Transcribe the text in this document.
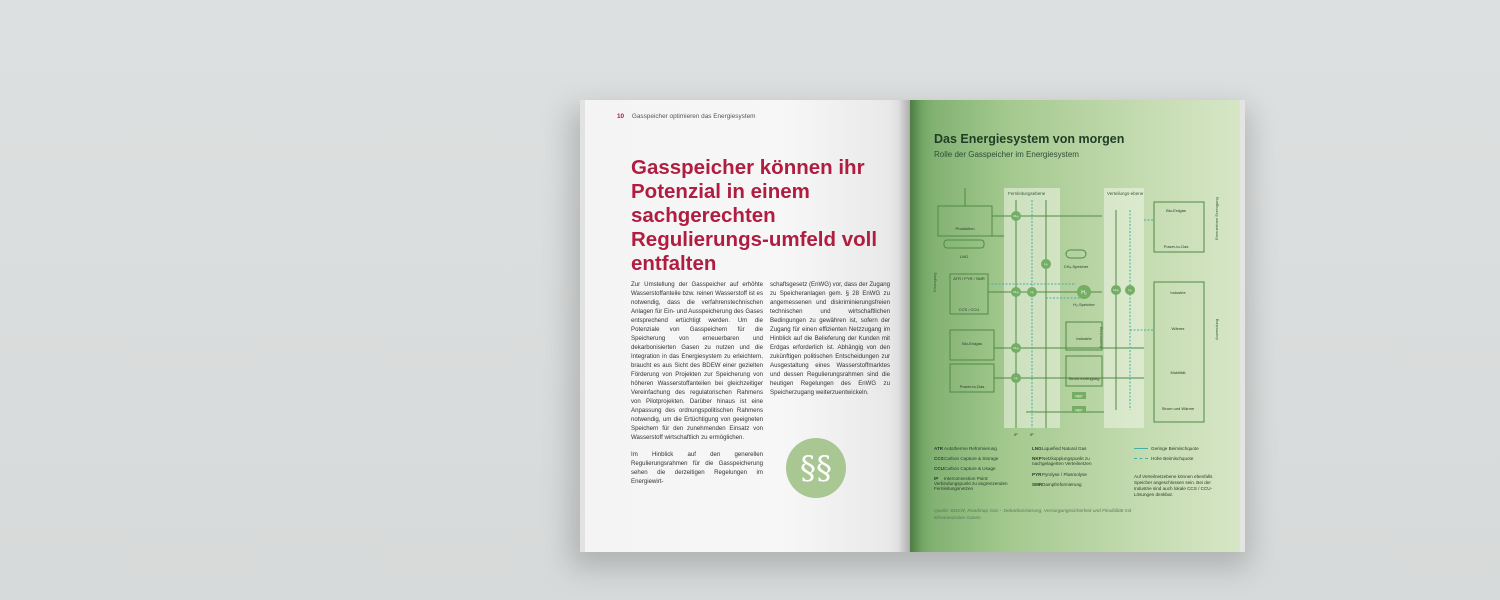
10 Gasspeicher optimieren das Energiesystem
Gasspeicher können ihr Potenzial in einem sachgerechten Regulierungs-umfeld voll entfalten

Zur Umstellung der Gasspeicher auf erhöhte Wasserstoffanteile bzw. reinen Wasserstoff ist es notwendig, dass die verfahrenstechnischen Anlagen für Ein- und Ausspeicherung des Gases entsprechend ertüchtigt werden. Um die Potenziale von Gasspeichern für die Speicherung von erneuerbaren und dekarbonisierten Gasen zu nutzen und die Integration in das Energiesystem zu erleichtern, braucht es aus Sicht des BDEW einer gezielten Förderung von Projekten zur Speicherung von höheren Wasserstoffanteilen bei gleichzeitiger Vereinfachung des regulatorischen Rahmens von Pilotprojekten. Darüber hinaus ist eine Anpassung des ordnungspolitischen Rahmens notwendig, um die Ertüchtigung von geeigneten Speichern für den zunehmenden Einsatz von Wasserstoff wirtschaftlich zu ermöglichen.

Im Hinblick auf den generellen Regulierungsrahmen für die Gasspeicherung sehen die derzeitigen Regelungen im Energiewirt-

schaftsgesetz (EnWG) vor, dass der Zugang zu Speicheranlagen gem. § 28 EnWG zu angemessenen und diskriminierungsfreien technischen und wirtschaftlichen Bedingungen zu gewähren ist, sofern der Zugang für einen effizienten Netzzugang im Hinblick auf die Belieferung der Kunden mit Erdgas erforderlich ist. Abhängig von den zukünftigen politischen Entscheidungen zur Ausgestaltung eines Wasserstoffmarktes und dessen Regulierungsrahmen sind die heutigen Regelungen des EnWG zu Speicherzugang weiterzuentwickeln.

§§
Das Energiesystem von morgen
Rolle der Gasspeicher im Energiesystem
Fernleitungsebene	Verteilungs-ebene
Erzeugung
Anwendung
Erneuerbare Erzeugung
Anwendung
H₂
CH₄
CH₄	H₂
CH₄
H₂
CH₄	H₂
H₂
NKP
NKP
IP	IP
Produktion
LNG
ATR / PYR / SMR
CCS / CCU
Bio-Erdgas
Power-to-Gas
CH₄-Speicher
H₂-Speicher
Industrie
Strom-erzeugung
Bio-Erdgas
Power-to-Gas
Industrie
Wärme
Mobilität
Strom und Wärme
ATRAutotherme Reformierung
CCSCarbon Capture & Storage
CCUCarbon Capture & Usage
IP Interconnection Point: Verbindungspunkt zu angrenzenden Fernleitungsnetzen
LNGLiquefied Natural Gas
NKPNetzkopplungspunkt zu nachgelagerten Verteilnetzen
PYRPyrolyse / Plasmolyse
SMRDampfreformierung
Geringe Beimischquote
Hohe Beimischquote
Auf Verteilnetzebene können ebenfalls Speicher angeschlossen sein. Bei der Industrie sind auch lokale CCS / CCU-Lösungen denkbar.
Quelle: BDEW, Roadmap Gas – Dekarbonisierung, Versorgungssicherheit und Flexibilität mit klimaneutralen Gasen
